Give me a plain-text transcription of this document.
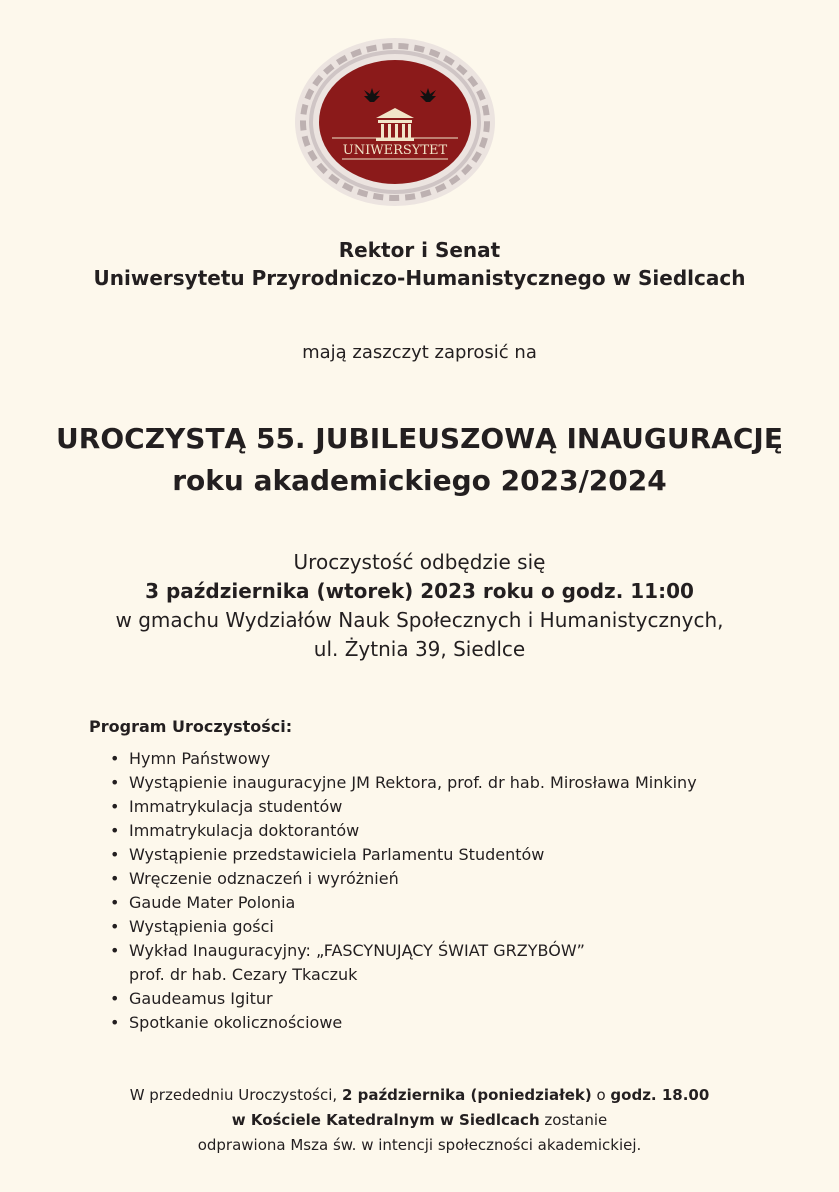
UNIWERSYTET
Rektor i Senat
Uniwersytetu Przyrodniczo-Humanistycznego w Siedlcach
mają zaszczyt zaprosić na
UROCZYSTĄ 55. JUBILEUSZOWĄ INAUGURACJĘ
roku akademickiego 2023/2024
Uroczystość odbędzie się
3 października (wtorek) 2023 roku o godz. 11:00
w gmachu Wydziałów Nauk Społecznych i Humanistycznych,
ul. Żytnia 39, Siedlce
Program Uroczystości:
• Hymn Państwowy
• Wystąpienie inauguracyjne JM Rektora, prof. dr hab. Mirosława Minkiny
• Immatrykulacja studentów
• Immatrykulacja doktorantów
• Wystąpienie przedstawiciela Parlamentu Studentów
• Wręczenie odznaczeń i wyróżnień
• Gaude Mater Polonia
• Wystąpienia gości
• Wykład Inauguracyjny: „FASCYNUJĄCY ŚWIAT GRZYBÓW”
prof. dr hab. Cezary Tkaczuk
• Gaudeamus Igitur
• Spotkanie okolicznościowe
W przededniu Uroczystości, 2 października (poniedziałek) o godz. 18.00
w Kościele Katedralnym w Siedlcach zostanie
odprawiona Msza św. w intencji społeczności akademickiej.
